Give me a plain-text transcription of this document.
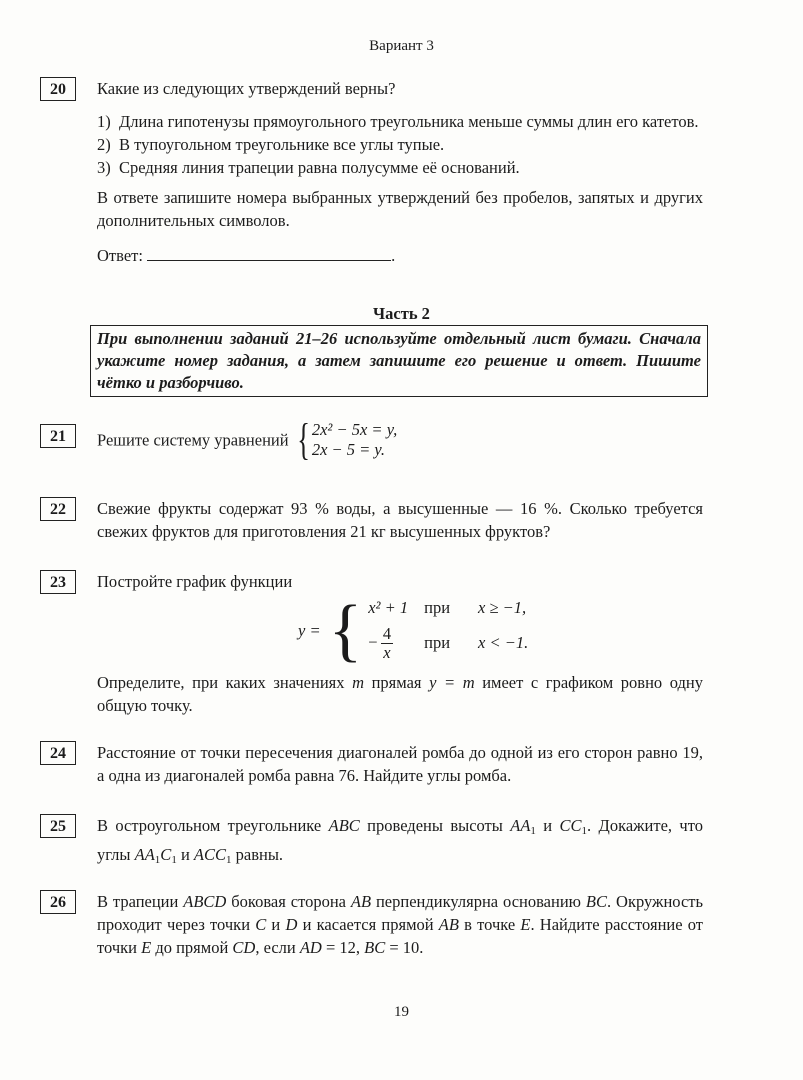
Вариант 3
20	Какие из следующих утверждений верны?
1) Длина гипотенузы прямоугольного треугольника меньше суммы длин его катетов.
2) В тупоугольном треугольнике все углы тупые.
3) Средняя линия трапеции равна полусумме её оснований.
В ответе запишите номера выбранных утверждений без пробелов, запятых и других дополнительных символов.
Ответ:	.
Часть 2
При выполнении заданий 21–26 используйте отдельный лист бумаги. Сначала укажите номер задания, а затем запишите его решение и ответ. Пишите чётко и разборчиво.
21	Решите систему уравнений { 2x² − 5x = y,
2x − 5 = y.
22	Свежие фрукты содержат 93 % воды, а высушенные — 16 %. Сколько требуется свежих фруктов для приготовления 21 кг высушенных фруктов?
23	Постройте график функции
y =	{	x² + 1	при	x ≥ −1,
		−  $\frac{4}{x}$	при	x < −1.
Определите, при каких значениях m прямая y = m имеет с графиком ровно одну общую точку.
24	Расстояние от точки пересечения диагоналей ромба до одной из его сторон равно 19, а одна из диагоналей ромба равна 76. Найдите углы ромба.
25	В остроугольном треугольнике ABC проведены высоты $AA_1$ и $CC_1$. Докажите, что углы $AA_1C_1$ и $ACC_1$ равны.
26	В трапеции ABCD боковая сторона AB перпендикулярна основанию BC. Окружность проходит через точки C и D и касается прямой AB в точке E. Найдите расстояние от точки E до прямой CD, если AD = 12, BC = 10.
19
